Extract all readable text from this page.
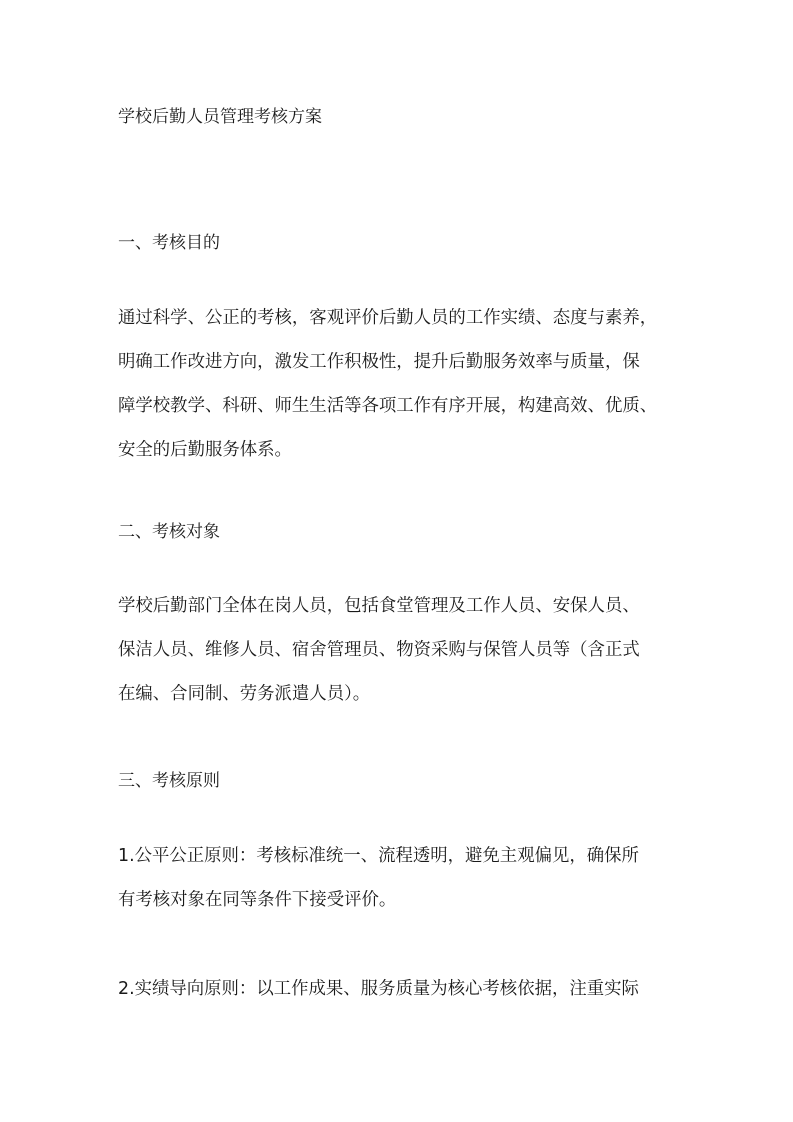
学校后勤人员管理考核方案
一、考核目的
通过科学、公正的考核，客观评价后勤人员的工作实绩、态度与素养，
明确工作改进方向，激发工作积极性，提升后勤服务效率与质量，保
障学校教学、科研、师生生活等各项工作有序开展，构建高效、优质、
安全的后勤服务体系。
二、考核对象
学校后勤部门全体在岗人员，包括食堂管理及工作人员、安保人员、
保洁人员、维修人员、宿舍管理员、物资采购与保管人员等（含正式
在编、合同制、劳务派遣人员）。
三、考核原则
1.公平公正原则：考核标准统一、流程透明，避免主观偏见，确保所
有考核对象在同等条件下接受评价。
2.实绩导向原则：以工作成果、服务质量为核心考核依据，注重实际
